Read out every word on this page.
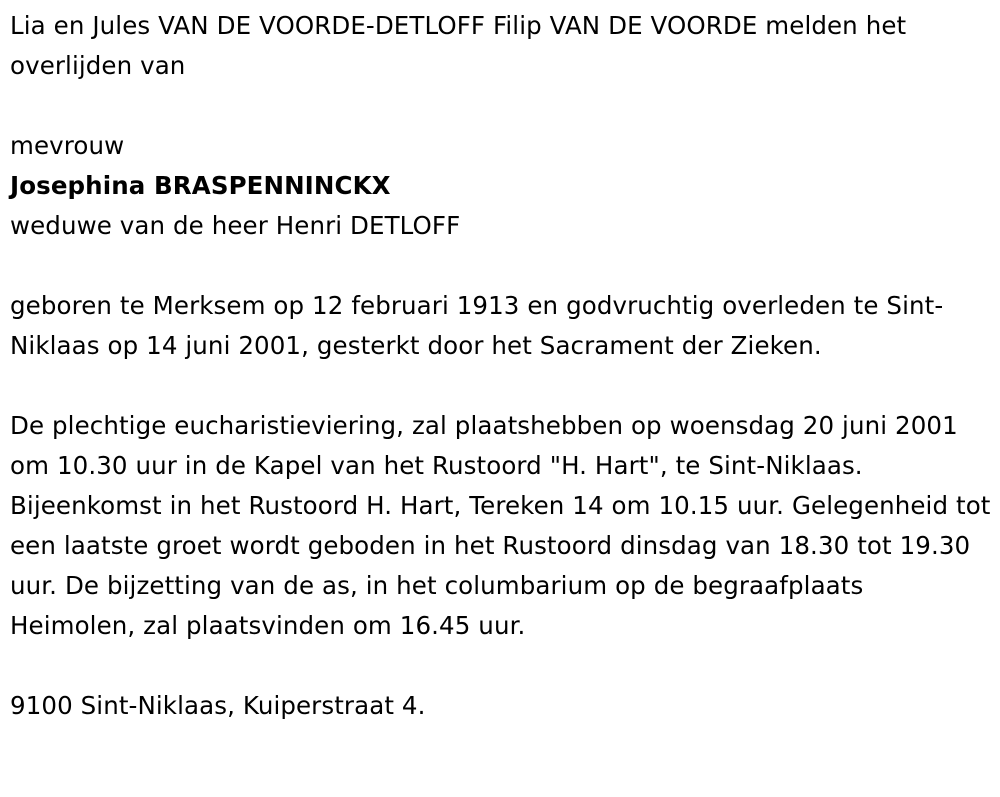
Lia en Jules VAN DE VOORDE-DETLOFF Filip VAN DE VOORDE melden het overlijden van

mevrouw

Josephina BRASPENNINCKX

weduwe van de heer Henri DETLOFF

geboren te Merksem op 12 februari 1913 en godvruchtig overleden te Sint-Niklaas op 14 juni 2001, gesterkt door het Sacrament der Zieken.

De plechtige eucharistieviering, zal plaatshebben op woensdag 20 juni 2001 om 10.30 uur in de Kapel van het Rustoord "H. Hart", te Sint-Niklaas. Bijeenkomst in het Rustoord H. Hart, Tereken 14 om 10.15 uur. Gelegenheid tot een laatste groet wordt geboden in het Rustoord dinsdag van 18.30 tot 19.30 uur. De bijzetting van de as, in het columbarium op de begraafplaats Heimolen, zal plaatsvinden om 16.45 uur.

9100 Sint-Niklaas, Kuiperstraat 4.
